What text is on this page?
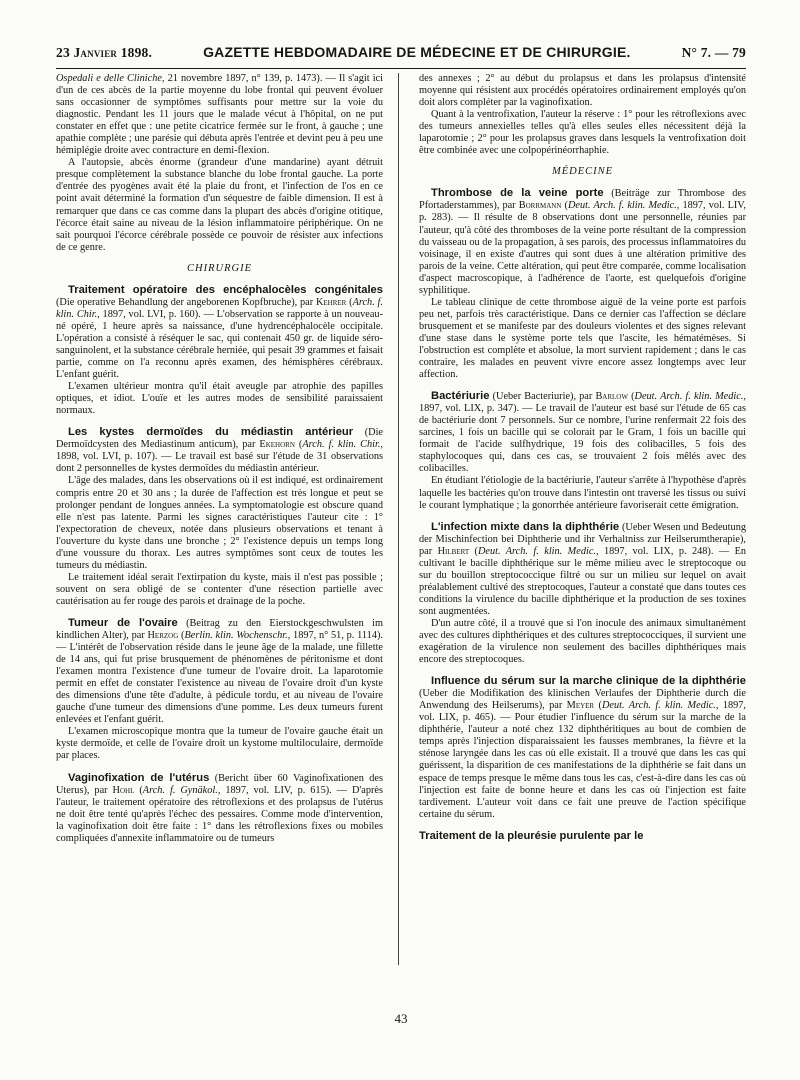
23 Janvier 1898.	GAZETTE HEBDOMADAIRE DE MÉDECINE ET DE CHIRURGIE.	N° 7. — 79

Ospedali e delle Cliniche, 21 novembre 1897, n° 139, p. 1473). — Il s'agit ici d'un de ces abcès de la partie moyenne du lobe frontal qui peuvent évoluer sans occasionner de symptômes suffisants pour mettre sur la voie du diagnostic. Pendant les 11 jours que le malade vécut à l'hôpital, on ne put constater en effet que : une petite cicatrice fermée sur le front, à gauche ; une apathie complète ; une parésie qui débuta après l'entrée et devint peu à peu une hémiplégie droite avec contracture en demi-flexion.

A l'autopsie, abcès énorme (grandeur d'une mandarine) ayant détruit presque complètement la substance blanche du lobe frontal gauche. La porte d'entrée des pyogènes avait été la plaie du front, et l'infection de l'os en ce point avait déterminé la formation d'un séquestre de faible dimension. Il est à remarquer que dans ce cas comme dans la plupart des abcès d'origine otitique, l'écorce était saine au niveau de la lésion inflammatoire périphérique. On ne sait pourquoi l'écorce cérébrale possède ce pouvoir de résister aux infections de ce genre.

CHIRURGIE

Traitement opératoire des encéphalocèles congénitales (Die operative Behandlung der angeborenen Kopfbruche), par Kehrer (Arch. f. klin. Chir., 1897, vol. LVI, p. 160). — L'observation se rapporte à un nouveau-né opéré, 1 heure après sa naissance, d'une hydrencéphalocèle occipitale. L'opération a consisté à réséquer le sac, qui contenait 450 gr. de liquide séro-sanguinolent, et la substance cérébrale herniée, qui pesait 39 grammes et faisait partie, comme on l'a reconnu après examen, des hémisphères cérébraux. L'enfant guérit.

L'examen ultérieur montra qu'il était aveugle par atrophie des papilles optiques, et idiot. L'ouïe et les autres modes de sensibilité paraissaient normaux.

Les kystes dermoïdes du médiastin antérieur (Die Dermoïdcysten des Mediastinum anticum), par Ekehorn (Arch. f. klin. Chir., 1898, vol. LVI, p. 107). — Le travail est basé sur l'étude de 31 observations dont 2 personnelles de kystes dermoïdes du médiastin antérieur.

L'âge des malades, dans les observations où il est indiqué, est ordinairement compris entre 20 et 30 ans ; la durée de l'affection est très longue et peut se prolonger pendant de longues années. La symptomatologie est obscure quand elle n'est pas latente. Parmi les signes caractéristiques l'auteur cite : 1° l'expectoration de cheveux, notée dans plusieurs observations et tenant à l'ouverture du kyste dans une bronche ; 2° l'existence depuis un temps long d'une voussure du thorax. Les autres symptômes sont ceux de toutes les tumeurs du médiastin.

Le traitement idéal serait l'extirpation du kyste, mais il n'est pas possible ; souvent on sera obligé de se contenter d'une résection partielle avec cautérisation au fer rouge des parois et drainage de la poche.

Tumeur de l'ovaire (Beitrag zu den Eierstockgeschwulsten im kindlichen Alter), par Herzog (Berlin. klin. Wochenschr., 1897, n° 51, p. 1114). — L'intérêt de l'observation réside dans le jeune âge de la malade, une fillette de 14 ans, qui fut prise brusquement de phénomènes de péritonisme et dont l'examen montra l'existence d'une tumeur de l'ovaire droit. La laparotomie permit en effet de constater l'existence au niveau de l'ovaire droit d'un kyste des dimensions d'une tête d'adulte, à pédicule tordu, et au niveau de l'ovaire gauche d'une tumeur des dimensions d'une pomme. Les deux tumeurs furent enlevées et l'enfant guérit.

L'examen microscopique montra que la tumeur de l'ovaire gauche était un kyste dermoïde, et celle de l'ovaire droit un kystome multiloculaire, dermoïde par places.

Vaginofixation de l'utérus (Bericht über 60 Vaginofixationen des Uterus), par Hohl (Arch. f. Gynäkol., 1897, vol. LIV, p. 615). — D'après l'auteur, le traitement opératoire des rétroflexions et des prolapsus de l'utérus ne doit être tenté qu'après l'échec des pessaires. Comme mode d'intervention, la vaginofixation doit être faite : 1° dans les rétroflexions fixes ou mobiles compliquées d'annexite inflammatoire ou de tumeurs

des annexes ; 2° au début du prolapsus et dans les prolapsus d'intensité moyenne qui résistent aux procédés opératoires ordinairement employés qu'on doit alors compléter par la vaginofixation.

Quant à la ventrofixation, l'auteur la réserve : 1° pour les rétroflexions avec des tumeurs annexielles telles qu'à elles seules elles nécessitent déjà la laparotomie ; 2° pour les prolapsus graves dans lesquels la ventrofixation doit être combinée avec une colpopérinéorrhaphie.

MÉDECINE

Thrombose de la veine porte (Beiträge zur Thrombose des Pfortaderstammes), par Borrmann (Deut. Arch. f. klin. Medic., 1897, vol. LIV, p. 283). — Il résulte de 8 observations dont une personnelle, réunies par l'auteur, qu'à côté des thromboses de la veine porte résultant de la compression du vaisseau ou de la propagation, à ses parois, des processus inflammatoires du voisinage, il en existe d'autres qui sont dues à une altération primitive des parois de la veine. Cette altération, qui peut être comparée, comme localisation d'aspect macroscopique, à l'adhérence de l'aorte, est quelquefois d'origine syphilitique.

Le tableau clinique de cette thrombose aiguë de la veine porte est parfois peu net, parfois très caractéristique. Dans ce dernier cas l'affection se déclare brusquement et se manifeste par des douleurs violentes et des signes relevant d'une stase dans le système porte tels que l'ascite, les hématémèses. Si l'obstruction est complète et absolue, la mort survient rapidement ; dans le cas contraire, les malades en peuvent vivre encore assez longtemps avec leur affection.

Bactériurie (Ueber Bacteriurie), par Barlow (Deut. Arch. f. klin. Medic., 1897, vol. LIX, p. 347). — Le travail de l'auteur est basé sur l'étude de 65 cas de bactériurie dont 7 personnels. Sur ce nombre, l'urine renfermait 22 fois des sarcines, 1 fois un bacille qui se colorait par le Gram, 1 fois un bacille qui formait de l'acide sulfhydrique, 19 fois des colibacilles, 5 fois des staphylocoques qui, dans ces cas, se trouvaient 2 fois mêlés avec des colibacilles.

En étudiant l'étiologie de la bactériurie, l'auteur s'arrête à l'hypothèse d'après laquelle les bactéries qu'on trouve dans l'intestin ont traversé les tissus ou suivi le courant lymphatique ; la gonorrhée antérieure favoriserait cette émigration.

L'infection mixte dans la diphthérie (Ueber Wesen und Bedeutung der Mischinfection bei Diphtherie und ihr Verhaltniss zur Heilserumtherapie), par Hilbert (Deut. Arch. f. klin. Medic., 1897, vol. LIX, p. 248). — En cultivant le bacille diphthérique sur le même milieu avec le streptocoque ou sur du bouillon streptococcique filtré ou sur un milieu sur lequel on avait préalablement cultivé des streptocoques, l'auteur a constaté que dans toutes ces conditions la virulence du bacille diphthérique et la production de ses toxines sont augmentées.

D'un autre côté, il a trouvé que si l'on inocule des animaux simultanément avec des cultures diphthériques et des cultures streptococciques, il survient une exagération de la virulence non seulement des bacilles diphthériques mais encore des streptocoques.

Influence du sérum sur la marche clinique de la diphthérie (Ueber die Modifikation des klinischen Verlaufes der Diphtherie durch die Anwendung des Heilserums), par Meyer (Deut. Arch. f. klin. Medic., 1897, vol. LIX, p. 465). — Pour étudier l'influence du sérum sur la marche de la diphthérie, l'auteur a noté chez 132 diphthéritiques au bout de combien de temps après l'injection disparaissaient les fausses membranes, la fièvre et la sténose laryngée dans les cas où elle existait. Il a trouvé que dans les cas qui guérissent, la disparition de ces manifestations de la diphthérie se fait dans un espace de temps presque le même dans tous les cas, c'est-à-dire dans les cas où l'injection est faite de bonne heure et dans les cas où l'injection est faite tardivement. L'auteur voit dans ce fait une preuve de l'action spécifique certaine du sérum.

Traitement de la pleurésie purulente par le

43
